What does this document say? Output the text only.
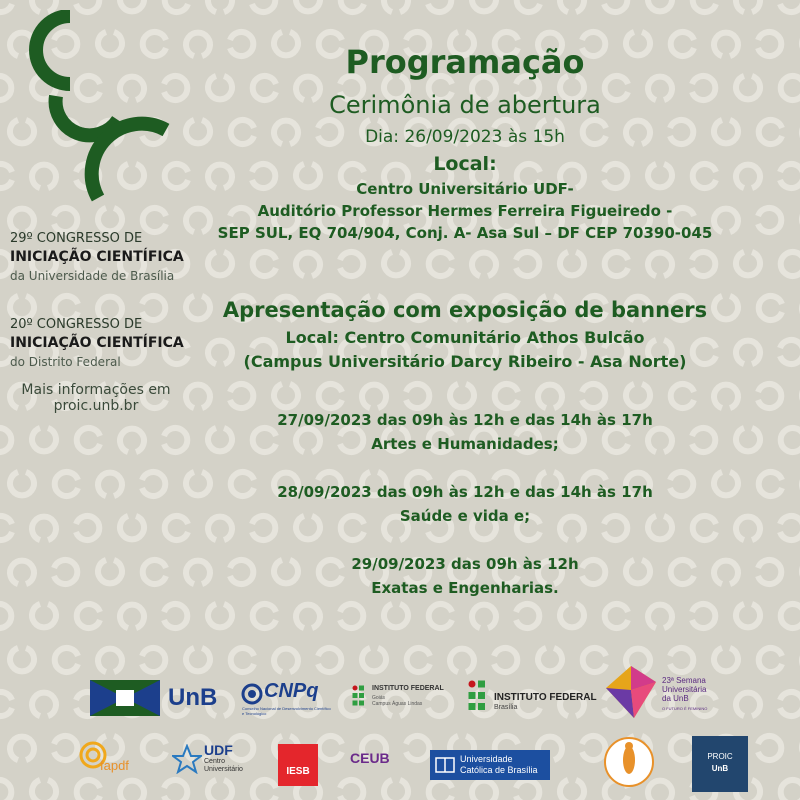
29º CONGRESSO DE
INICIAÇÃO CIENTÍFICA
da Universidade de Brasília
20º CONGRESSO DE
INICIAÇÃO CIENTÍFICA
do Distrito Federal
Mais informações em
proic.unb.br
Programação
Cerimônia de abertura
Dia: 26/09/2023 às 15h
Local:
Centro Universitário UDF-
Auditório Professor Hermes Ferreira Figueiredo -
SEP SUL, EQ 704/904, Conj. A- Asa Sul – DF CEP 70390-045
Apresentação com exposição de banners
Local: Centro Comunitário Athos Bulcão
(Campus Universitário Darcy Ribeiro - Asa Norte)
27/09/2023 das 09h às 12h e das 14h às 17h
Artes e Humanidades;
28/09/2023 das 09h às 12h e das 14h às 17h
Saúde e vida e;
29/09/2023 das 09h às 12h
Exatas e Engenharias.
UnB CNPq
Conselho Nacional de Desenvolvimento Científico e Tecnológico
INSTITUTO FEDERAL
Goiás
Campus Águas Lindas
INSTITUTO FEDERAL
Brasília
23ª Semana
Universitária
da UnB
O FUTURO É FEMININO
fapdf
UDF
Centro
Universitário	IESB
CEUB	Universidade
Católica de Brasília
PROIC
UnB
